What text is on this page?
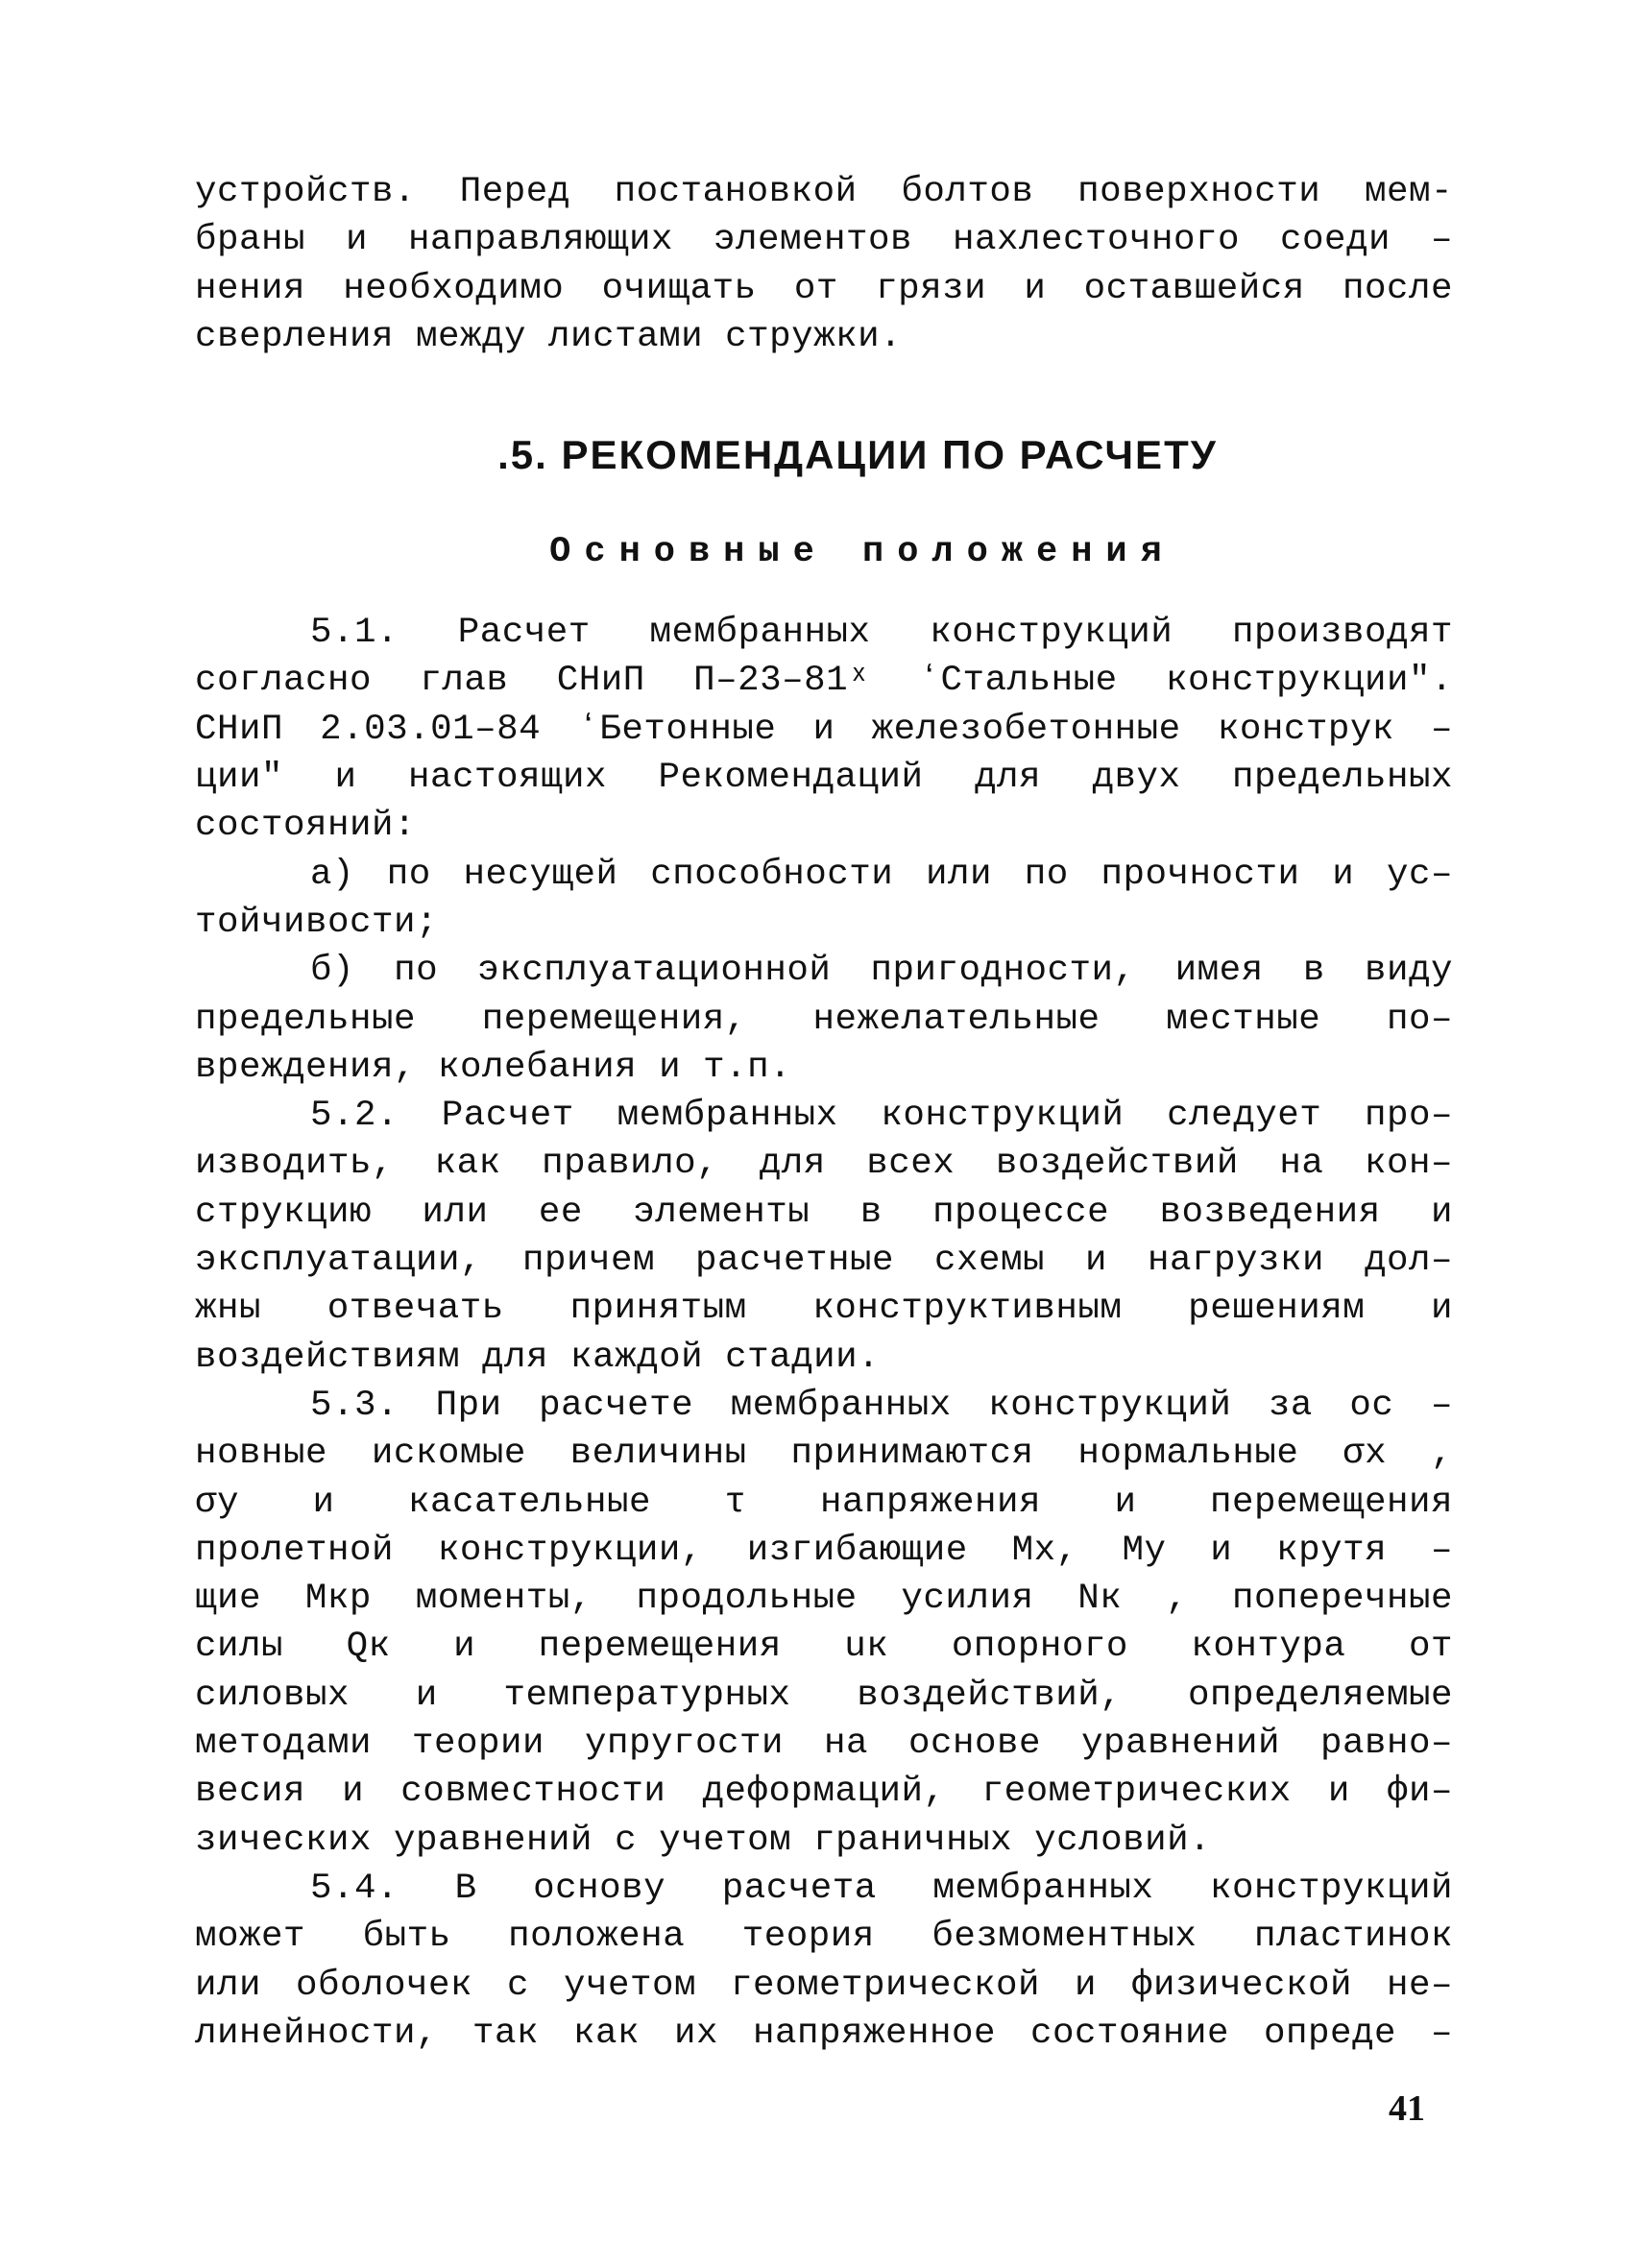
устройств. Перед постановкой болтов поверхности мем-
браны и направляющих элементов нахлесточного соеди –
нения необходимо очищать от грязи и оставшейся после
сверления между листами стружки.
.5. РЕКОМЕНДАЦИИ ПО РАСЧЕТУ
Основные положения
5.1. Расчет мембранных конструкций производят
согласно глав СНиП П–23–81ˣ ʻСтальные конструкции″.
СНиП 2.03.01–84 ʻБетонные и железобетонные конструк –
ции″ и настоящих Рекомендаций для двух предельных
состояний:
а) по несущей способности или по прочности и ус–
тойчивости;
б) по эксплуатационной пригодности, имея в виду
предельные перемещения, нежелательные местные по–
вреждения, колебания и т.п.
5.2. Расчет мембранных конструкций следует про–
изводить, как правило, для всех воздействий на кон–
струкцию или ее элементы в процессе возведения и
эксплуатации, причем расчетные схемы и нагрузки дол–
жны отвечать принятым конструктивным решениям и
воздействиям для каждой стадии.
5.3. При расчете мембранных конструкций за ос –
новные искомые величины принимаются нормальные σx ,
σy и касательные τ напряжения и перемещения
пролетной конструкции, изгибающие Mx, My и крутя –
щие Mкр моменты, продольные усилия Nк , поперечные
силы Qк и перемещения uк опорного контура от
силовых и температурных воздействий, определяемые
методами теории упругости на основе уравнений равно–
весия и совместности деформаций, геометрических и фи–
зических уравнений с учетом граничных условий.
5.4. В основу расчета мембранных конструкций
может быть положена теория безмоментных пластинок
или оболочек с учетом геометрической и физической не–
линейности, так как их напряженное состояние опреде –
41
